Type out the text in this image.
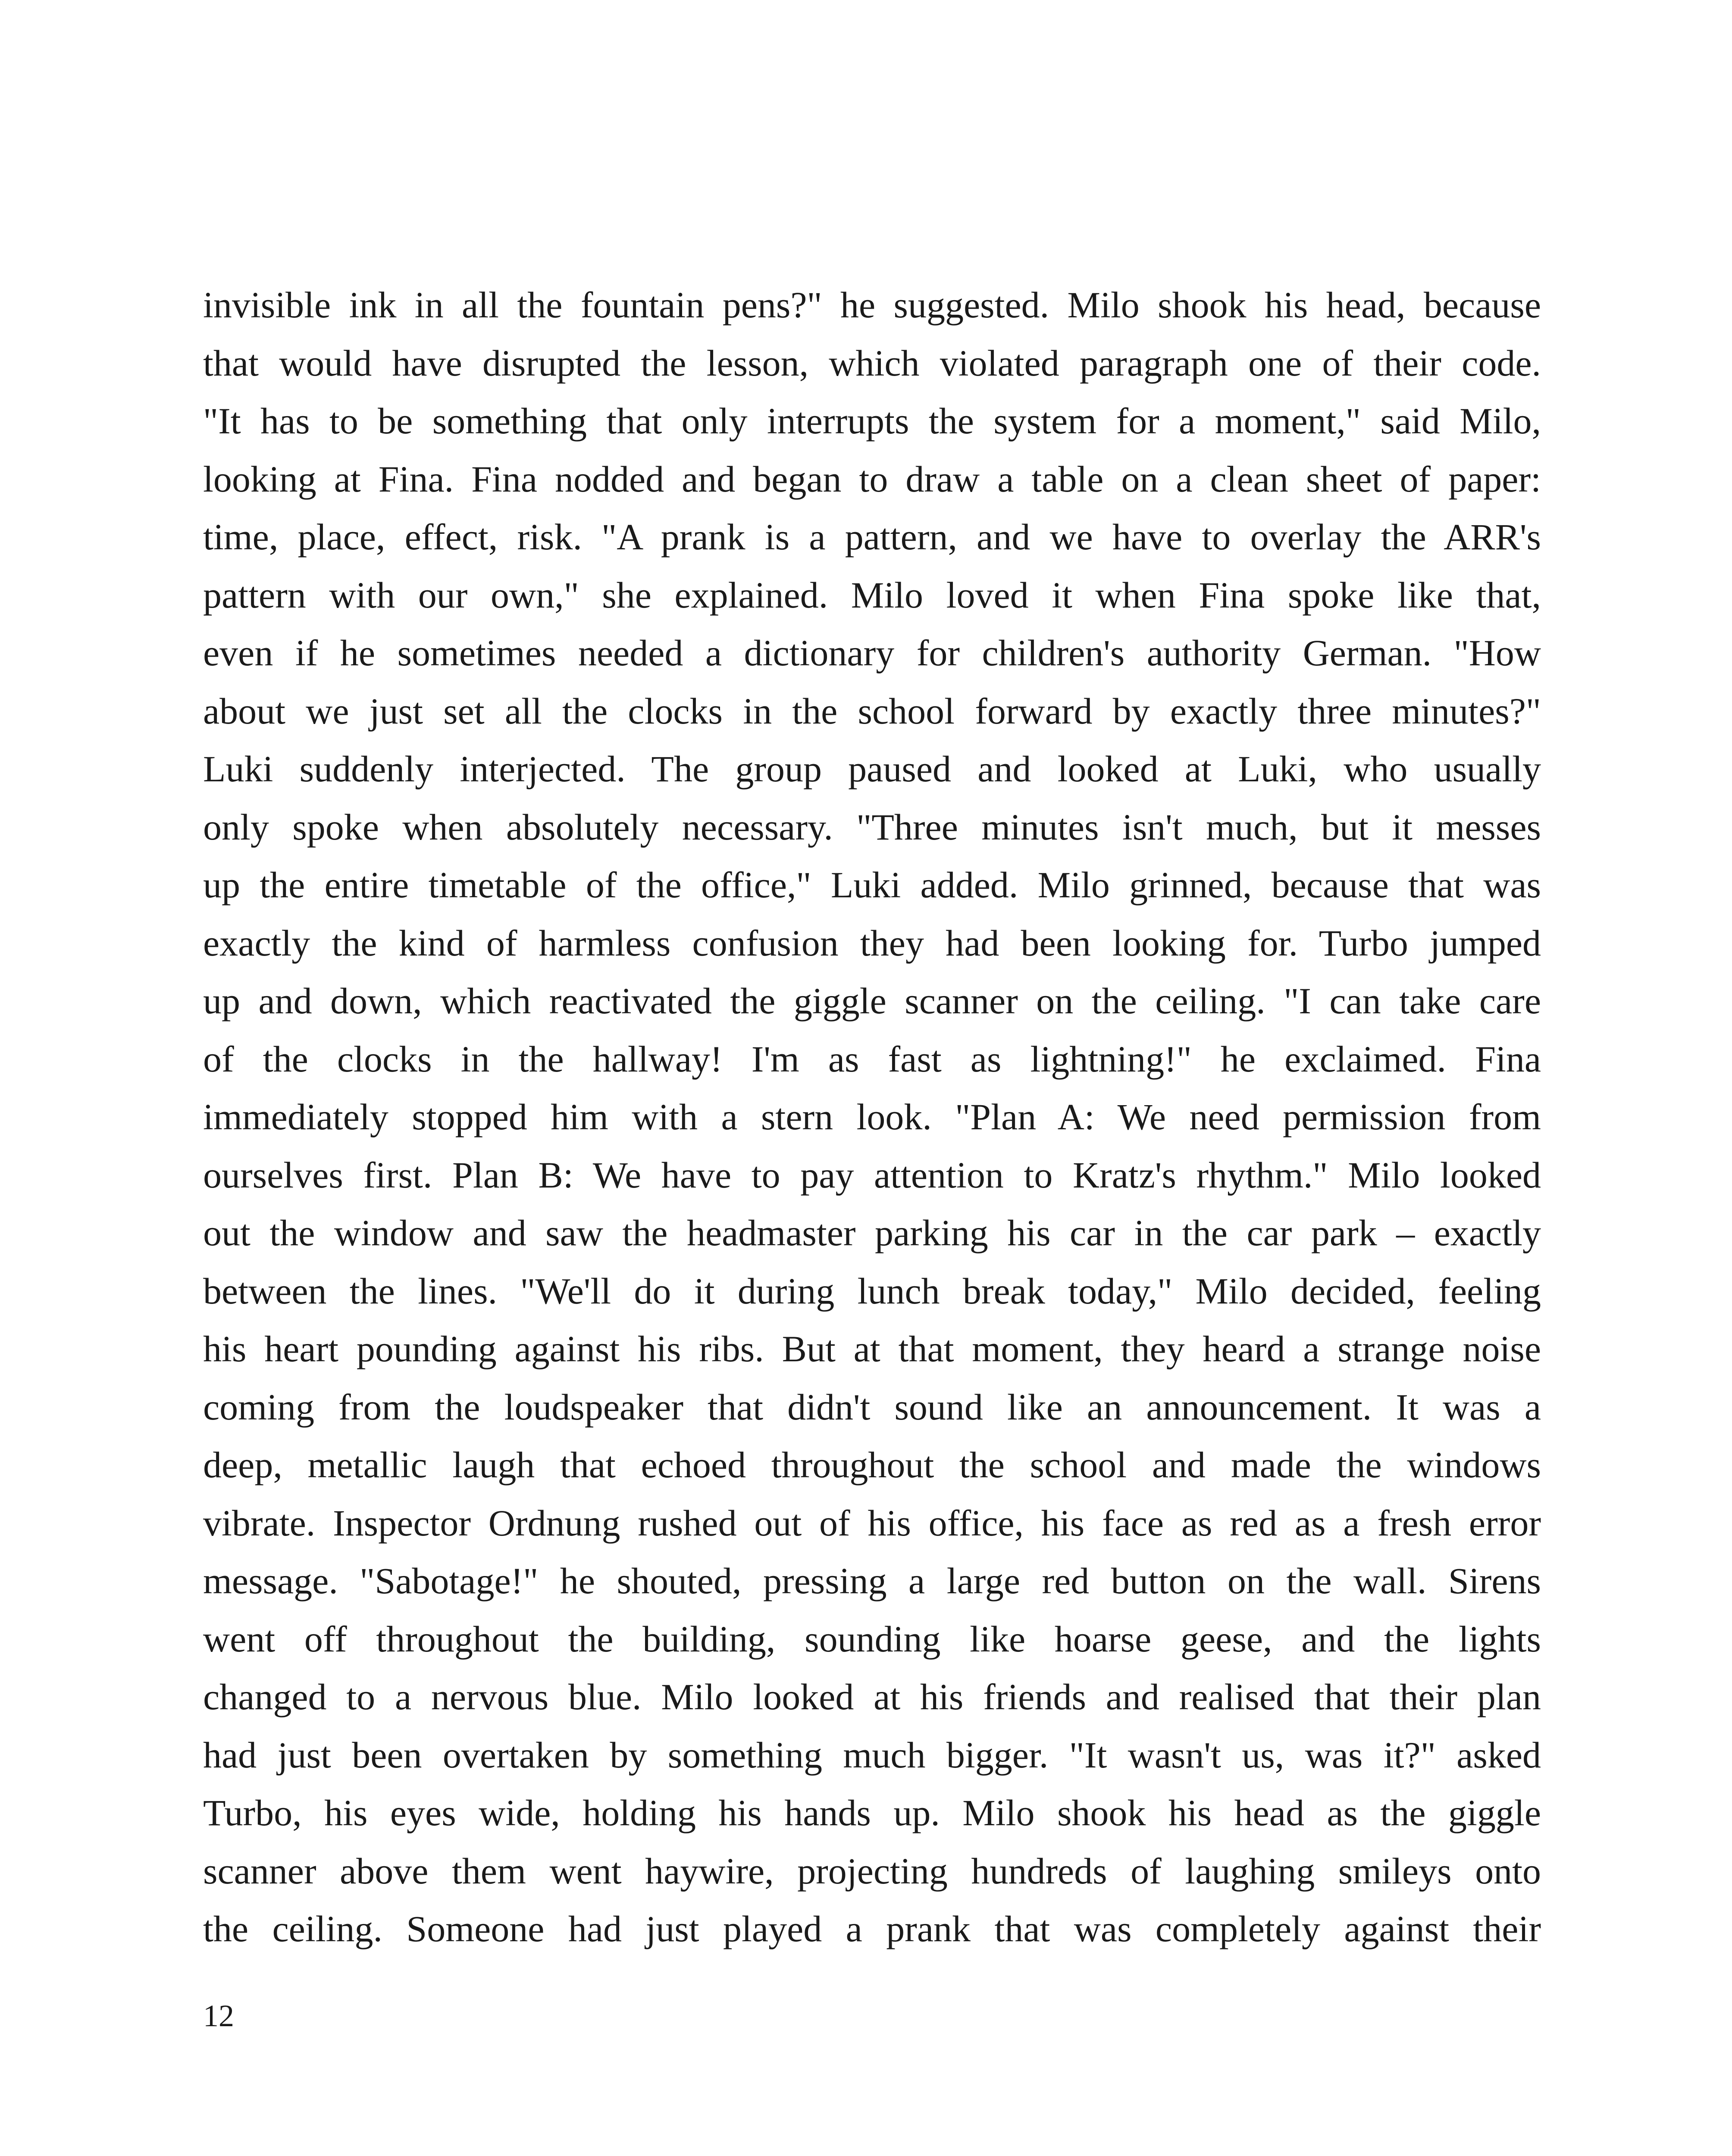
invisible ink in all the fountain pens?" he suggested. Milo shook his head, because
that would have disrupted the lesson, which violated paragraph one of their code.
"It has to be something that only interrupts the system for a moment," said Milo,
looking at Fina. Fina nodded and began to draw a table on a clean sheet of paper:
time, place, effect, risk. "A prank is a pattern, and we have to overlay the ARR's
pattern with our own," she explained. Milo loved it when Fina spoke like that,
even if he sometimes needed a dictionary for children's authority German. "How
about we just set all the clocks in the school forward by exactly three minutes?"
Luki suddenly interjected. The group paused and looked at Luki, who usually
only spoke when absolutely necessary. "Three minutes isn't much, but it messes
up the entire timetable of the office," Luki added. Milo grinned, because that was
exactly the kind of harmless confusion they had been looking for. Turbo jumped
up and down, which reactivated the giggle scanner on the ceiling. "I can take care
of the clocks in the hallway! I'm as fast as lightning!" he exclaimed. Fina
immediately stopped him with a stern look. "Plan A: We need permission from
ourselves first. Plan B: We have to pay attention to Kratz's rhythm." Milo looked
out the window and saw the headmaster parking his car in the car park – exactly
between the lines. "We'll do it during lunch break today," Milo decided, feeling
his heart pounding against his ribs. But at that moment, they heard a strange noise
coming from the loudspeaker that didn't sound like an announcement. It was a
deep, metallic laugh that echoed throughout the school and made the windows
vibrate. Inspector Ordnung rushed out of his office, his face as red as a fresh error
message. "Sabotage!" he shouted, pressing a large red button on the wall. Sirens
went off throughout the building, sounding like hoarse geese, and the lights
changed to a nervous blue. Milo looked at his friends and realised that their plan
had just been overtaken by something much bigger. "It wasn't us, was it?" asked
Turbo, his eyes wide, holding his hands up. Milo shook his head as the giggle
scanner above them went haywire, projecting hundreds of laughing smileys onto
the ceiling. Someone had just played a prank that was completely against their
12
